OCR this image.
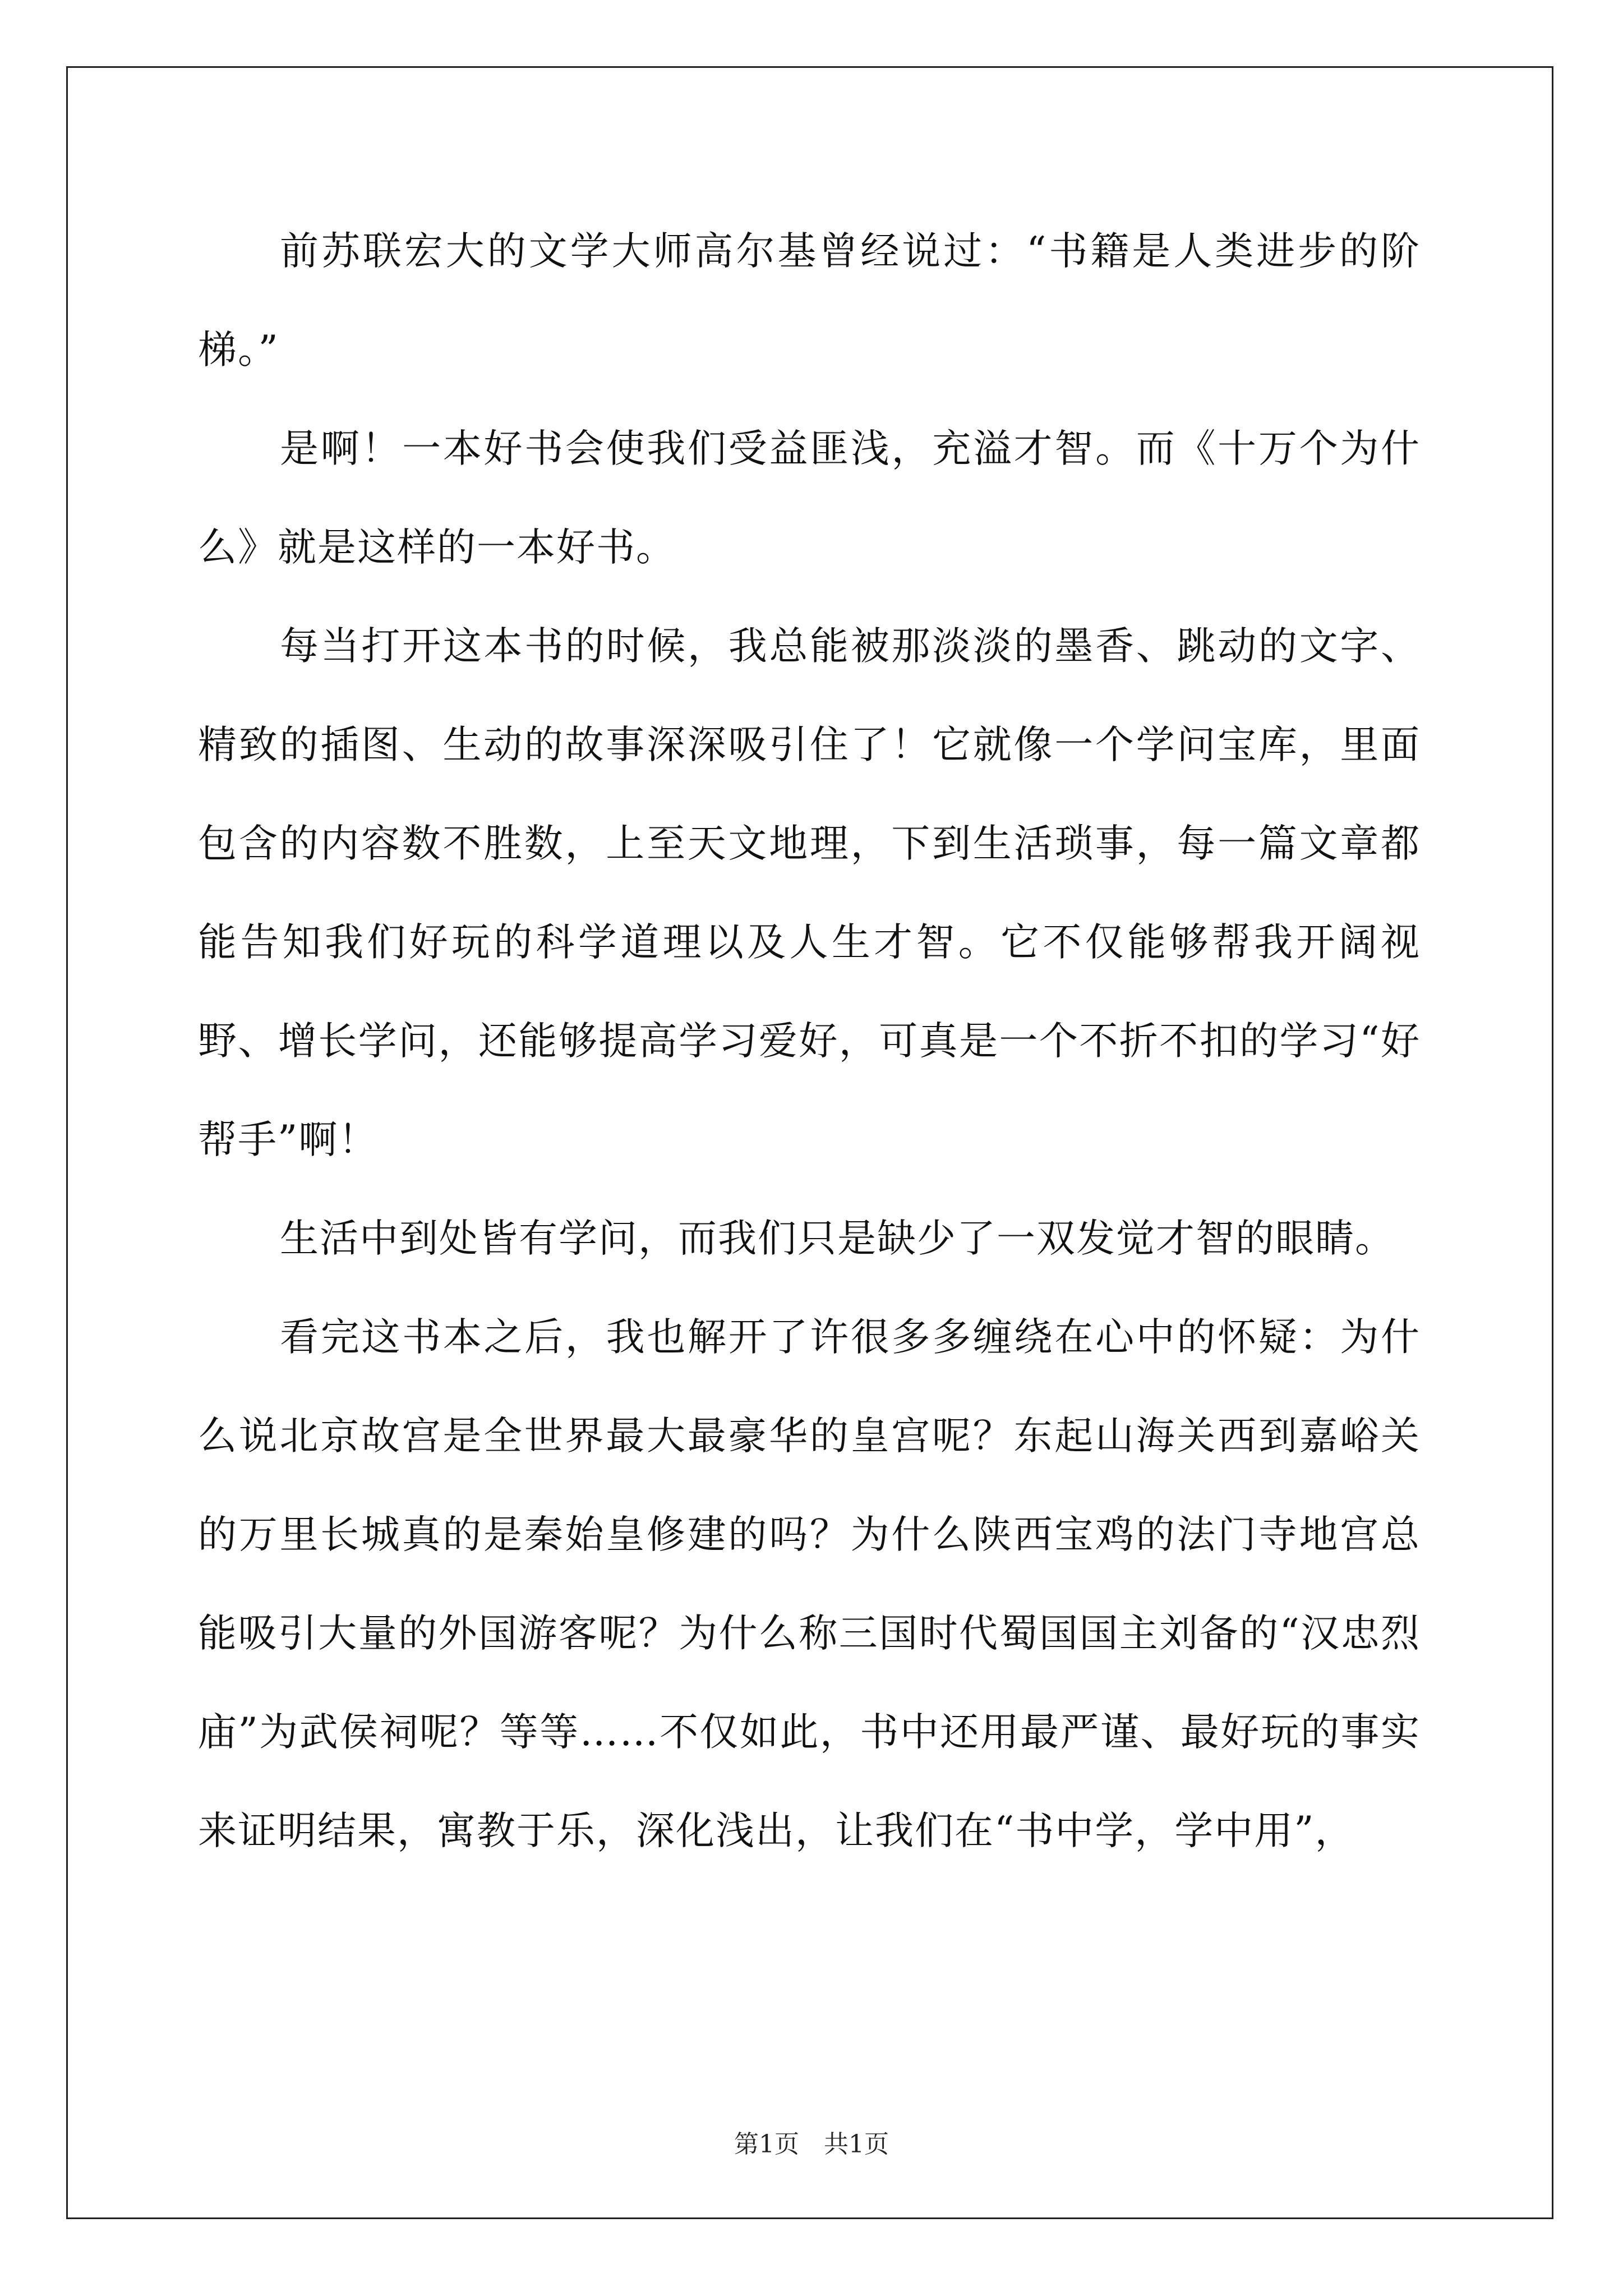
前苏联宏大的文学大师高尔基曾经说过：“书籍是人类进步的阶梯。”

是啊！一本好书会使我们受益匪浅，充溢才智。而《十万个为什么》就是这样的一本好书。

每当打开这本书的时候，我总能被那淡淡的墨香、跳动的文字、精致的插图、生动的故事深深吸引住了！它就像一个学问宝库，里面包含的内容数不胜数，上至天文地理，下到生活琐事，每一篇文章都能告知我们好玩的科学道理以及人生才智。它不仅能够帮我开阔视野、增长学问，还能够提高学习爱好，可真是一个不折不扣的学习“好帮手”啊！

生活中到处皆有学问，而我们只是缺少了一双发觉才智的眼睛。

看完这书本之后，我也解开了许很多多缠绕在心中的怀疑：为什么说北京故宫是全世界最大最豪华的皇宫呢？东起山海关西到嘉峪关的万里长城真的是秦始皇修建的吗？为什么陕西宝鸡的法门寺地宫总能吸引大量的外国游客呢？为什么称三国时代蜀国国主刘备的“汉忠烈庙”为武侯祠呢？等等……不仅如此，书中还用最严谨、最好玩的事实来证明结果，寓教于乐，深化浅出，让我们在“书中学，学中用”，

第1页　共1页
